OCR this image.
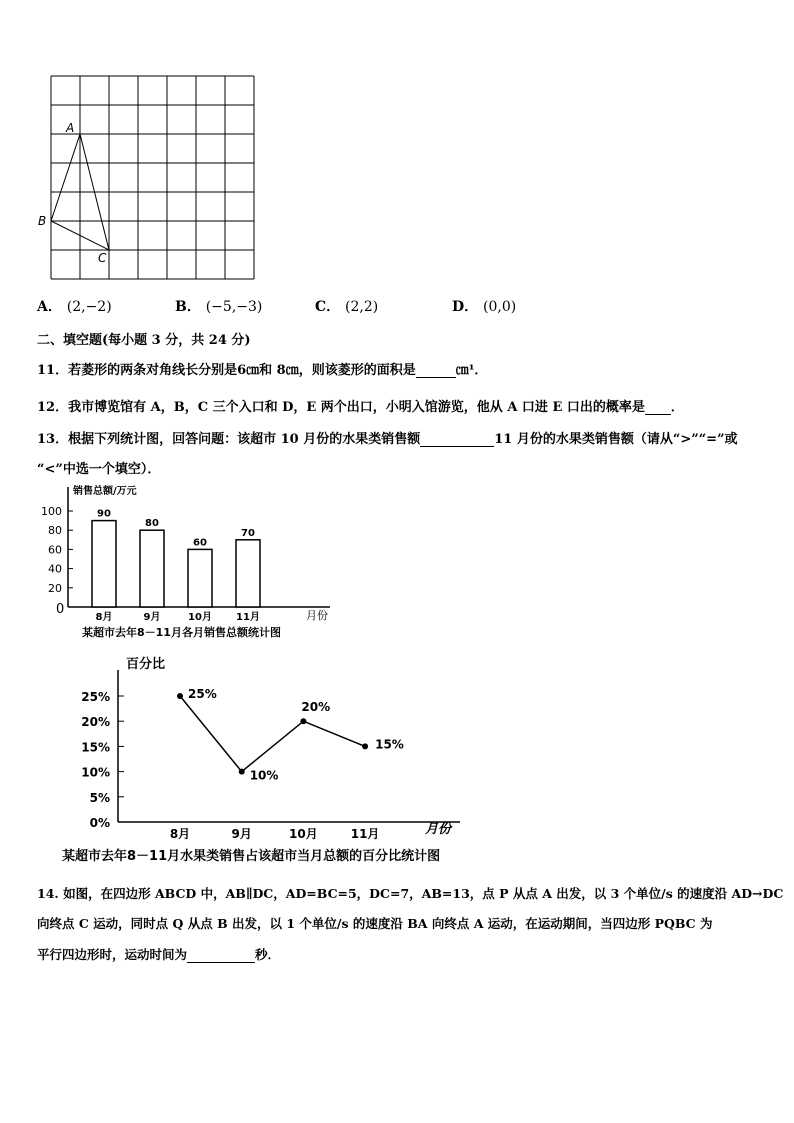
A
B
C
A． (2,−2)	B． (−5,−3)	C． (2,2)	D． (0,0)
二、填空题(每小题 3 分，共 24 分)
11．若菱形的两条对角线长分别是6㎝和 8㎝，则该菱形的面积是	㎝¹．
12．我市博览馆有 A，B，C 三个入口和 D，E 两个出口，小明入馆游览，他从 A 口进 E 口出的概率是 ．
13．根据下列统计图，回答问题：该超市 10 月份的水果类销售额	11 月份的水果类销售额（请从“>”“=”或
“<”中选一个填空）．
销售总额/万元
月份
0
20
40
60
80
100	90
8月
80
9月
60
10月
70
11月
某超市去年8－11月各月销售总额统计图
百分比
月份
0%
5%
10%
15%
20%
25%	25%
8月
10%
9月
20%
10月
15%
11月
某超市去年8－11月水果类销售占该超市当月总额的百分比统计图
14. 如图，在四边形 ABCD 中，AB∥DC，AD=BC=5，DC=7，AB=13，点 P 从点 A 出发，以 3 个单位/s 的速度沿 AD→DC
向终点 C 运动，同时点 Q 从点 B 出发，以 1 个单位/s 的速度沿 BA 向终点 A 运动，在运动期间，当四边形 PQBC 为
平行四边形时，运动时间为	秒．
